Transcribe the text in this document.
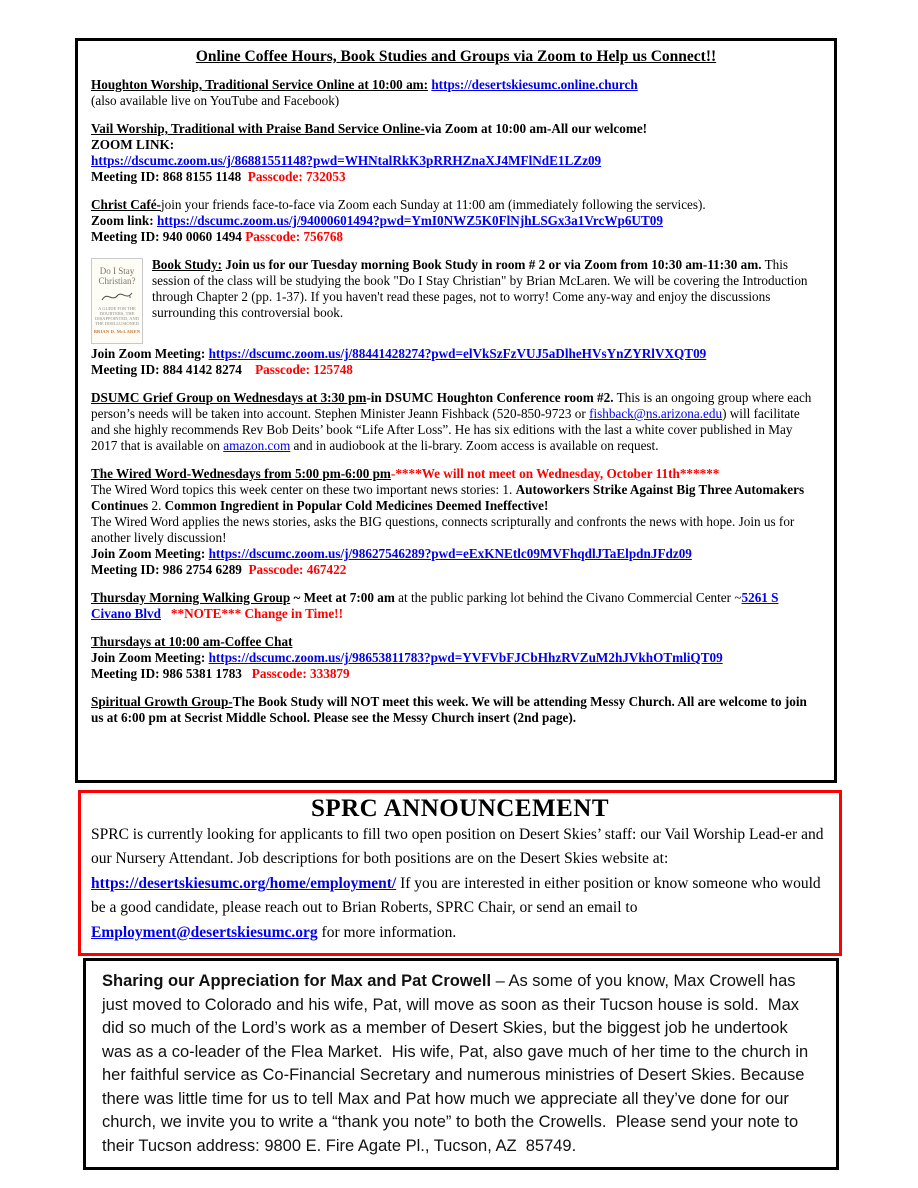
Online Coffee Hours, Book Studies and Groups via Zoom to Help us Connect!!

Houghton Worship, Traditional Service Online at 10:00 am: https://desertskiesumc.online.church
(also available live on YouTube and Facebook)

Vail Worship, Traditional with Praise Band Service Online-via Zoom at 10:00 am-All our welcome!
ZOOM LINK:
https://dscumc.zoom.us/j/86881551148?pwd=WHNtalRkK3pRRHZnaXJ4MFlNdE1LZz09
Meeting ID: 868 8155 1148  Passcode: 732053

Christ Café-join your friends face-to-face via Zoom each Sunday at 11:00 am (immediately following the services).
Zoom link: https://dscumc.zoom.us/j/94000601494?pwd=YmI0NWZ5K0FlNjhLSGx3a1VrcWp6UT09
Meeting ID: 940 0060 1494 Passcode: 756768

Do I Stay
Christian?
A GUIDE FOR THE DOUBTERS, THE DISAPPOINTED, AND THE DISILLUSIONED
BRIAN D. McLAREN
Book Study: Join us for our Tuesday morning Book Study in room # 2 or via Zoom from 10:30 am-11:30 am. This session of the class will be studying the book "Do I Stay Christian" by Brian McLaren. We will be covering the Introduction through Chapter 2 (pp. 1-37). If you haven't read these pages, not to worry! Come any-way and enjoy the discussions surrounding this controversial book.

Join Zoom Meeting: https://dscumc.zoom.us/j/88441428274?pwd=elVkSzFzVUJ5aDlheHVsYnZYRlVXQT09
Meeting ID: 884 4142 8274    Passcode: 125748

DSUMC Grief Group on Wednesdays at 3:30 pm-in DSUMC Houghton Conference room #2. This is an ongoing group where each person’s needs will be taken into account. Stephen Minister Jeann Fishback (520-850-9723 or fishback@ns.arizona.edu) will facilitate and she highly recommends Rev Bob Deits’ book “Life After Loss”. He has six editions with the last a white cover published in May 2017 that is available on amazon.com and in audiobook at the li-brary. Zoom access is available on request.

The Wired Word-Wednesdays from 5:00 pm-6:00 pm-****We will not meet on Wednesday, October 11th******
The Wired Word topics this week center on these two important news stories: 1. Autoworkers Strike Against Big Three Automakers Continues 2. Common Ingredient in Popular Cold Medicines Deemed Ineffective!
The Wired Word applies the news stories, asks the BIG questions, connects scripturally and confronts the news with hope. Join us for another lively discussion!
Join Zoom Meeting: https://dscumc.zoom.us/j/98627546289?pwd=eExKNEtlc09MVFhqdlJTaElpdnJFdz09
Meeting ID: 986 2754 6289  Passcode: 467422

Thursday Morning Walking Group ~ Meet at 7:00 am at the public parking lot behind the Civano Commercial Center ~5261 S Civano Blvd **NOTE*** Change in Time!!

Thursdays at 10:00 am-Coffee Chat
Join Zoom Meeting: https://dscumc.zoom.us/j/98653811783?pwd=YVFVbFJCbHhzRVZuM2hJVkhOTmliQT09
Meeting ID: 986 5381 1783   Passcode: 333879

Spiritual Growth Group-The Book Study will NOT meet this week. We will be attending Messy Church. All are welcome to join us at 6:00 pm at Secrist Middle School. Please see the Messy Church insert (2nd page).

SPRC ANNOUNCEMENT

SPRC is currently looking for applicants to fill two open position on Desert Skies’ staff: our Vail Worship Lead-er and our Nursery Attendant. Job descriptions for both positions are on the Desert Skies website at: https://desertskiesumc.org/home/employment/ If you are interested in either position or know someone who would be a good candidate, please reach out to Brian Roberts, SPRC Chair, or send an email to Employment@desertskiesumc.org for more information.

Sharing our Appreciation for Max and Pat Crowell – As some of you know, Max Crowell has just moved to Colorado and his wife, Pat, will move as soon as their Tucson house is sold.  Max did so much of the Lord’s work as a member of Desert Skies, but the biggest job he undertook was as a co-leader of the Flea Market.  His wife, Pat, also gave much of her time to the church in her faithful service as Co-Financial Secretary and numerous ministries of Desert Skies. Because there was little time for us to tell Max and Pat how much we appreciate all they’ve done for our church, we invite you to write a “thank you note” to both the Crowells.  Please send your note to their Tucson address: 9800 E. Fire Agate Pl., Tucson, AZ  85749.
